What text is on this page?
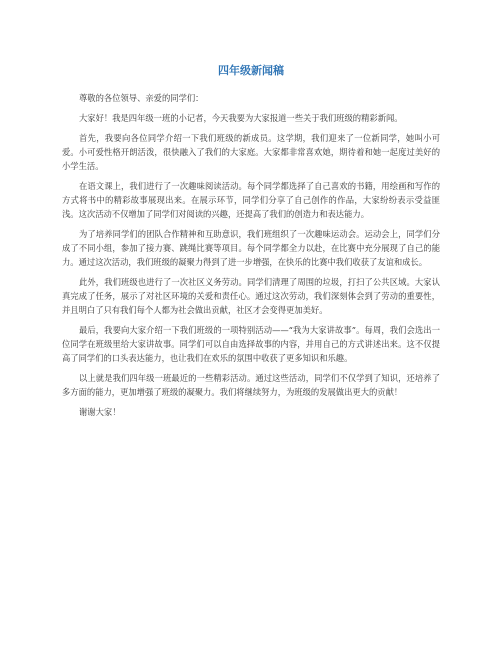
四年级新闻稿

尊敬的各位领导、亲爱的同学们：

大家好！我是四年级一班的小记者，今天我要为大家报道一些关于我们班级的精彩新闻。

首先，我要向各位同学介绍一下我们班级的新成员。这学期，我们迎来了一位新同学，她叫小可爱。小可爱性格开朗活泼，很快融入了我们的大家庭。大家都非常喜欢她，期待着和她一起度过美好的小学生活。

在语文课上，我们进行了一次趣味阅读活动。每个同学都选择了自己喜欢的书籍，用绘画和写作的方式将书中的精彩故事展现出来。在展示环节，同学们分享了自己创作的作品，大家纷纷表示受益匪浅。这次活动不仅增加了同学们对阅读的兴趣，还提高了我们的创造力和表达能力。

为了培养同学们的团队合作精神和互助意识，我们班组织了一次趣味运动会。运动会上，同学们分成了不同小组，参加了接力赛、跳绳比赛等项目。每个同学都全力以赴，在比赛中充分展现了自己的能力。通过这次活动，我们班级的凝聚力得到了进一步增强，在快乐的比赛中我们收获了友谊和成长。

此外，我们班级也进行了一次社区义务劳动。同学们清理了周围的垃圾，打扫了公共区域。大家认真完成了任务，展示了对社区环境的关爱和责任心。通过这次劳动，我们深刻体会到了劳动的重要性，并且明白了只有我们每个人都为社会做出贡献，社区才会变得更加美好。

最后，我要向大家介绍一下我们班级的一项特别活动——“我为大家讲故事”。每周，我们会选出一位同学在班级里给大家讲故事。同学们可以自由选择故事的内容，并用自己的方式讲述出来。这不仅提高了同学们的口头表达能力，也让我们在欢乐的氛围中收获了更多知识和乐趣。

以上就是我们四年级一班最近的一些精彩活动。通过这些活动，同学们不仅学到了知识，还培养了多方面的能力，更加增强了班级的凝聚力。我们将继续努力，为班级的发展做出更大的贡献！

谢谢大家！
